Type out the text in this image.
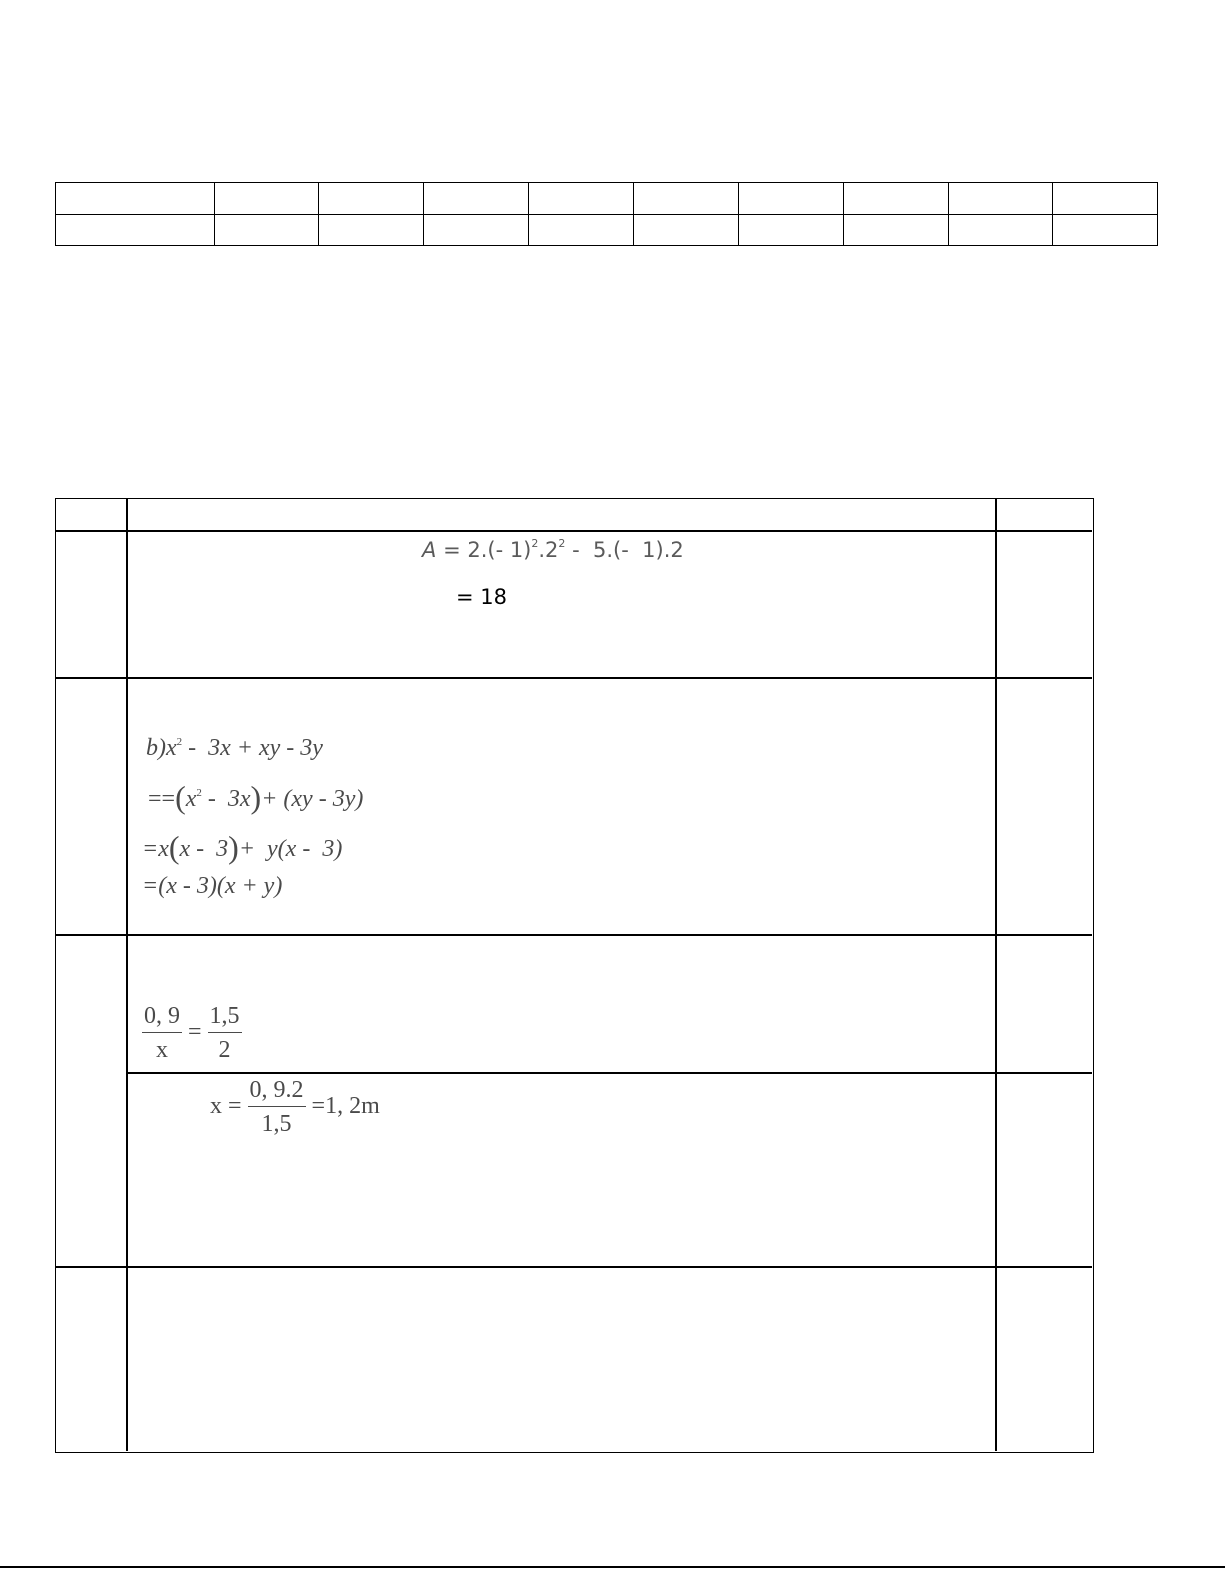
A = 2.(- $1)^2.2^2 - 5.(-$  1).2
= 18
$b)x^2 - 3x$ + xy - 3y
$==(x^2 - 3x)+ (xy - 3y)$
=x(x -  3)+  y(x -  3)
=(x - 3)(x + y)
$\frac{0, 9}{x} = \frac{1,5}{2}$
$x = \frac{0, 9.2}{1,5} =1$, 2m
